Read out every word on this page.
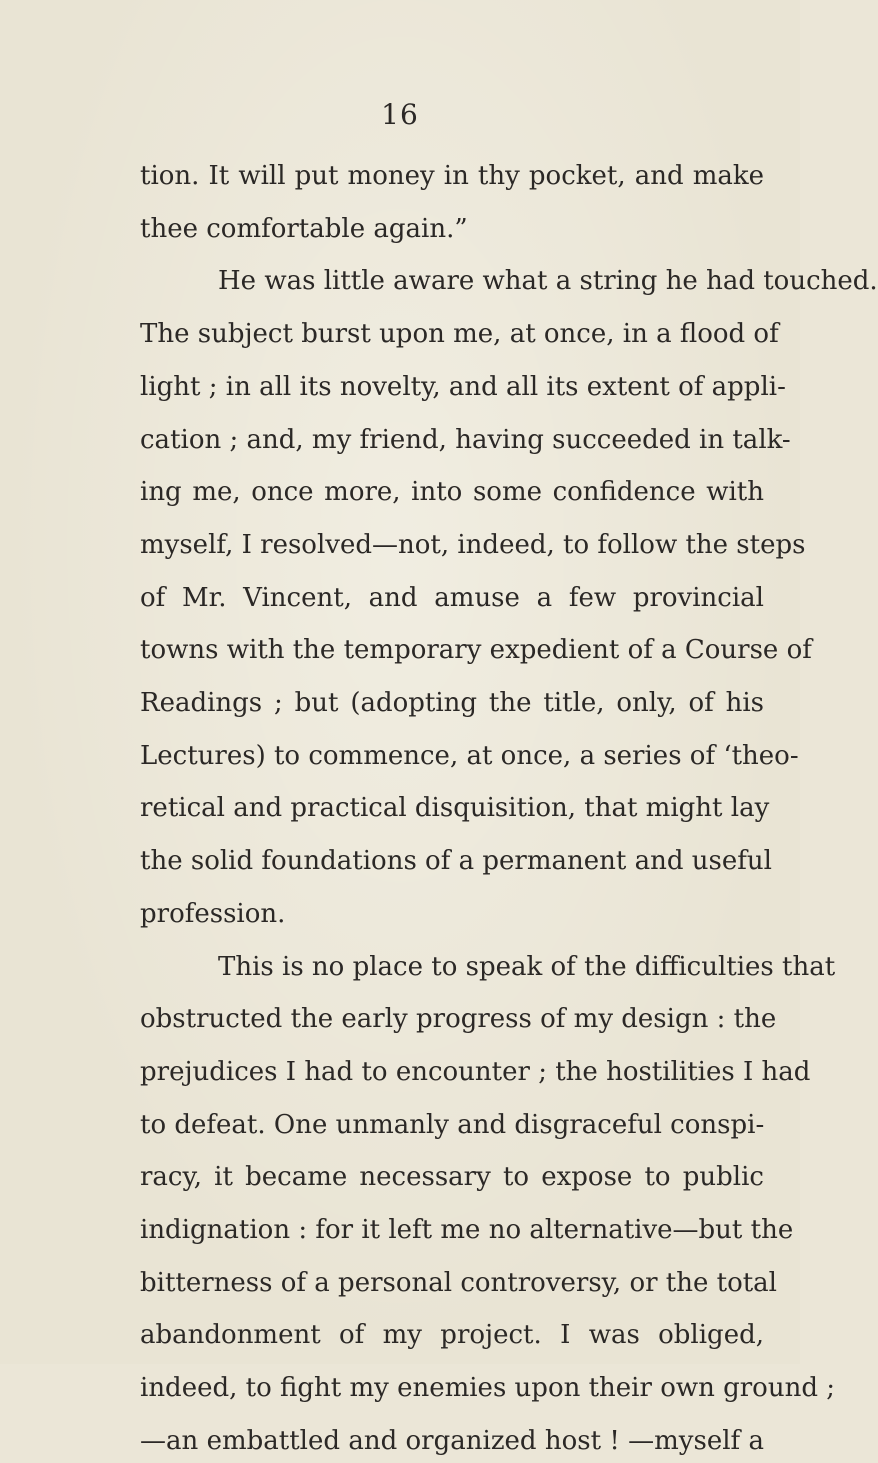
16
tion. It will put money in thy pocket, and make
thee comfortable again.”
He was little aware what a string he had touched.
The subject burst upon me, at once, in a flood of
light ; in all its novelty, and all its extent of appli-
cation ; and, my friend, having succeeded in talk-
ing me, once more, into some confidence with
myself, I resolved—not, indeed, to follow the steps
of Mr. Vincent, and amuse a few provincial
towns with the temporary expedient of a Course of
Readings ; but (adopting the title, only, of his
Lectures) to commence, at once, a series of ‘theo-
retical and practical disquisition, that might lay
the solid foundations of a permanent and useful
profession.
This is no place to speak of the difficulties that
obstructed the early progress of my design : the
prejudices I had to encounter ; the hostilities I had
to defeat. One unmanly and disgraceful conspi-
racy, it became necessary to expose to public
indignation : for it left me no alternative—but the
bitterness of a personal controversy, or the total
abandonment of my project. I was obliged,
indeed, to fight my enemies upon their own ground ;
—an embattled and organized host ! —myself a
